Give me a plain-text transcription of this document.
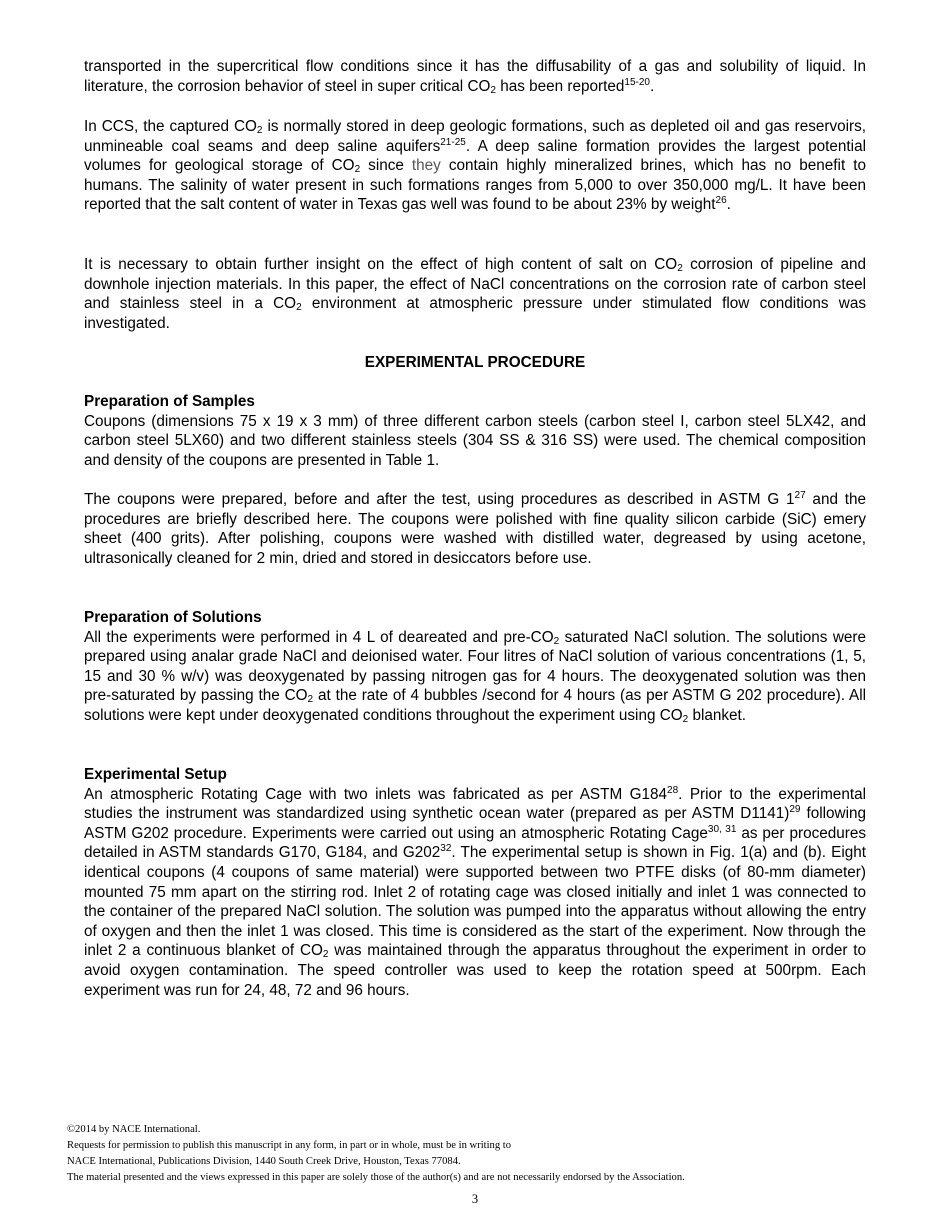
transported in the supercritical flow conditions since it has the diffusability of a gas and solubility of liquid. In literature, the corrosion behavior of steel in super critical $CO_2$ has been reported$^{15-20}$.

In CCS, the captured $CO_2$ is normally stored in deep geologic formations, such as depleted oil and gas reservoirs, unmineable coal seams and deep saline aquifers$^{21-25}$. A deep saline formation provides the largest potential volumes for geological storage of $CO_2$ since they contain highly mineralized brines, which has no benefit to humans. The salinity of water present in such formations ranges from 5,000 to over 350,000 mg/L. It have been reported that the salt content of water in Texas gas well was found to be about 23% by weight$^{26}$.

It is necessary to obtain further insight on the effect of high content of salt on $CO_2$ corrosion of pipeline and downhole injection materials. In this paper, the effect of NaCl concentrations on the corrosion rate of carbon steel and stainless steel in a $CO_2$ environment at atmospheric pressure under stimulated flow conditions was investigated.

EXPERIMENTAL PROCEDURE

Preparation of Samples
Coupons (dimensions 75 x 19 x 3 mm) of three different carbon steels (carbon steel I, carbon steel 5LX42, and carbon steel 5LX60) and two different stainless steels (304 SS & 316 SS) were used. The chemical composition and density of the coupons are presented in Table 1.

The coupons were prepared, before and after the test, using procedures as described in ASTM G $1^{27}$ and the procedures are briefly described here. The coupons were polished with fine quality silicon carbide (SiC) emery sheet (400 grits). After polishing, coupons were washed with distilled water, degreased by using acetone, ultrasonically cleaned for 2 min, dried and stored in desiccators before use.

Preparation of Solutions
All the experiments were performed in 4 L of deareated and pre-$CO_2$ saturated NaCl solution. The solutions were prepared using analar grade NaCl and deionised water. Four litres of NaCl solution of various concentrations (1, 5, 15 and 30 % w/v) was deoxygenated by passing nitrogen gas for 4 hours. The deoxygenated solution was then pre-saturated by passing the $CO_2$ at the rate of 4 bubbles /second for 4 hours (as per ASTM G 202 procedure). All solutions were kept under deoxygenated conditions throughout the experiment using $CO_2$ blanket.

Experimental Setup
An atmospheric Rotating Cage with two inlets was fabricated as per ASTM $G184^{28}$. Prior to the experimental studies the instrument was standardized using synthetic ocean water (prepared as per ASTM D1141)$^{29}$ following ASTM G202 procedure. Experiments were carried out using an atmospheric Rotating Cage$^{30, 31}$ as per procedures detailed in ASTM standards G170, G184, and $G202^{32}$. The experimental setup is shown in Fig. 1(a) and (b). Eight identical coupons (4 coupons of same material) were supported between two PTFE disks (of 80-mm diameter) mounted 75 mm apart on the stirring rod. Inlet 2 of rotating cage was closed initially and inlet 1 was connected to the container of the prepared NaCl solution. The solution was pumped into the apparatus without allowing the entry of oxygen and then the inlet 1 was closed. This time is considered as the start of the experiment. Now through the inlet 2 a continuous blanket of $CO_2$ was maintained through the apparatus throughout the experiment in order to avoid oxygen contamination. The speed controller was used to keep the rotation speed at 500rpm. Each experiment was run for 24, 48, 72 and 96 hours.

©2014 by NACE International.
Requests for permission to publish this manuscript in any form, in part or in whole, must be in writing to
NACE International, Publications Division, 1440 South Creek Drive, Houston, Texas 77084.
The material presented and the views expressed in this paper are solely those of the author(s) and are not necessarily endorsed by the Association.
3
